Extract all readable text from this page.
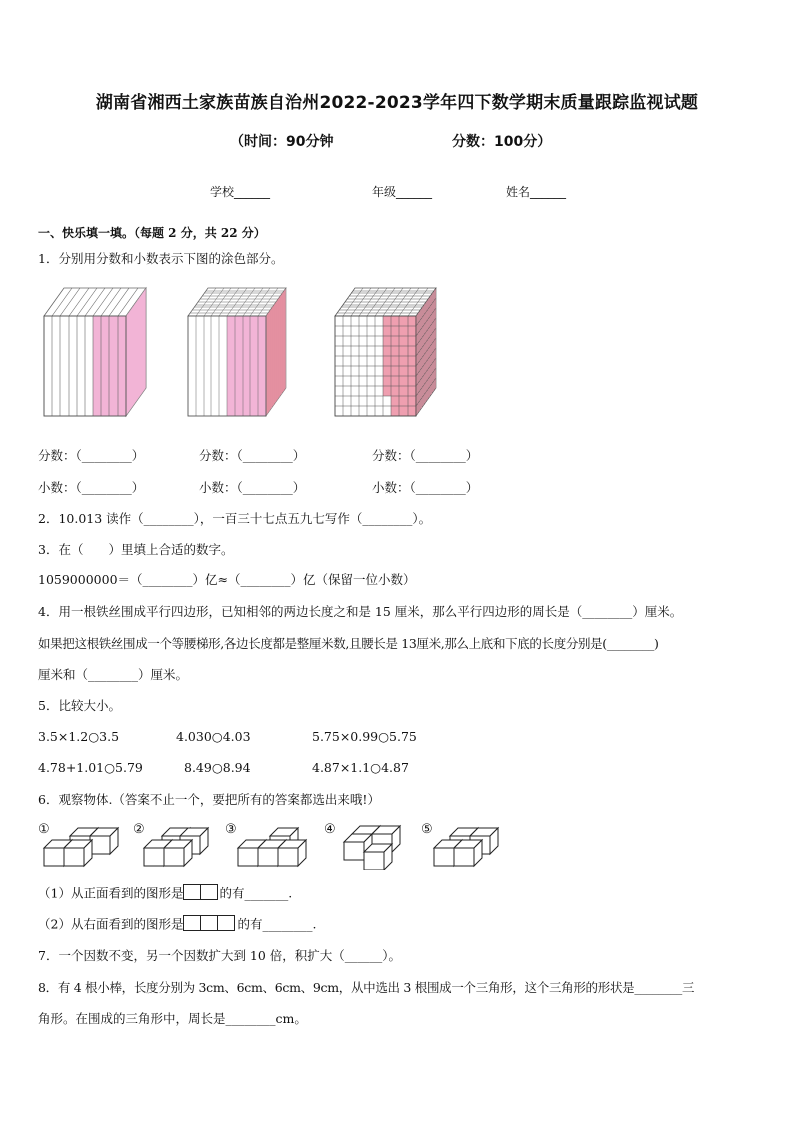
湖南省湘西土家族苗族自治州2022-2023学年四下数学期末质量跟踪监视试题
（时间：90分钟	分数：100分）
学校______	年级______	姓名______
一、快乐填一填。（每题 2 分，共 22 分）
1．分别用分数和小数表示下图的涂色部分。
分数：（________）	分数：（________）	分数：（________）
小数：（________）	小数：（________）	小数：（________）
2．10.013 读作（________），一百三十七点五九七写作（________）。
3．在（　　）里填上合适的数字。
1059000000＝（________）亿≈（________）亿（保留一位小数）
4．用一根铁丝围成平行四边形，已知相邻的两边长度之和是 15 厘米，那么平行四边形的周长是（________）厘米。
如果把这根铁丝围成一个等腰梯形,各边长度都是整厘米数,且腰长是 13厘米,那么上底和下底的长度分别是(________)
厘米和（________）厘米。
5．比较大小。
3.5×1.2○3.5	4.030○4.03	5.75×0.99○5.75
4.78+1.01○5.79	8.49○8.94	4.87×1.1○4.87
6．观察物体.（答案不止一个，要把所有的答案都选出来哦!）
①	②	③	④	⑤
（1）从正面看到的图形是	的有_______.
（2）从右面看到的图形是	的有________.
7．一个因数不变，另一个因数扩大到 10 倍，积扩大（______）。
8．有 4 根小棒，长度分别为 3cm、6cm、6cm、9cm，从中选出 3 根围成一个三角形，这个三角形的形状是________三
角形。在围成的三角形中，周长是________cm。
